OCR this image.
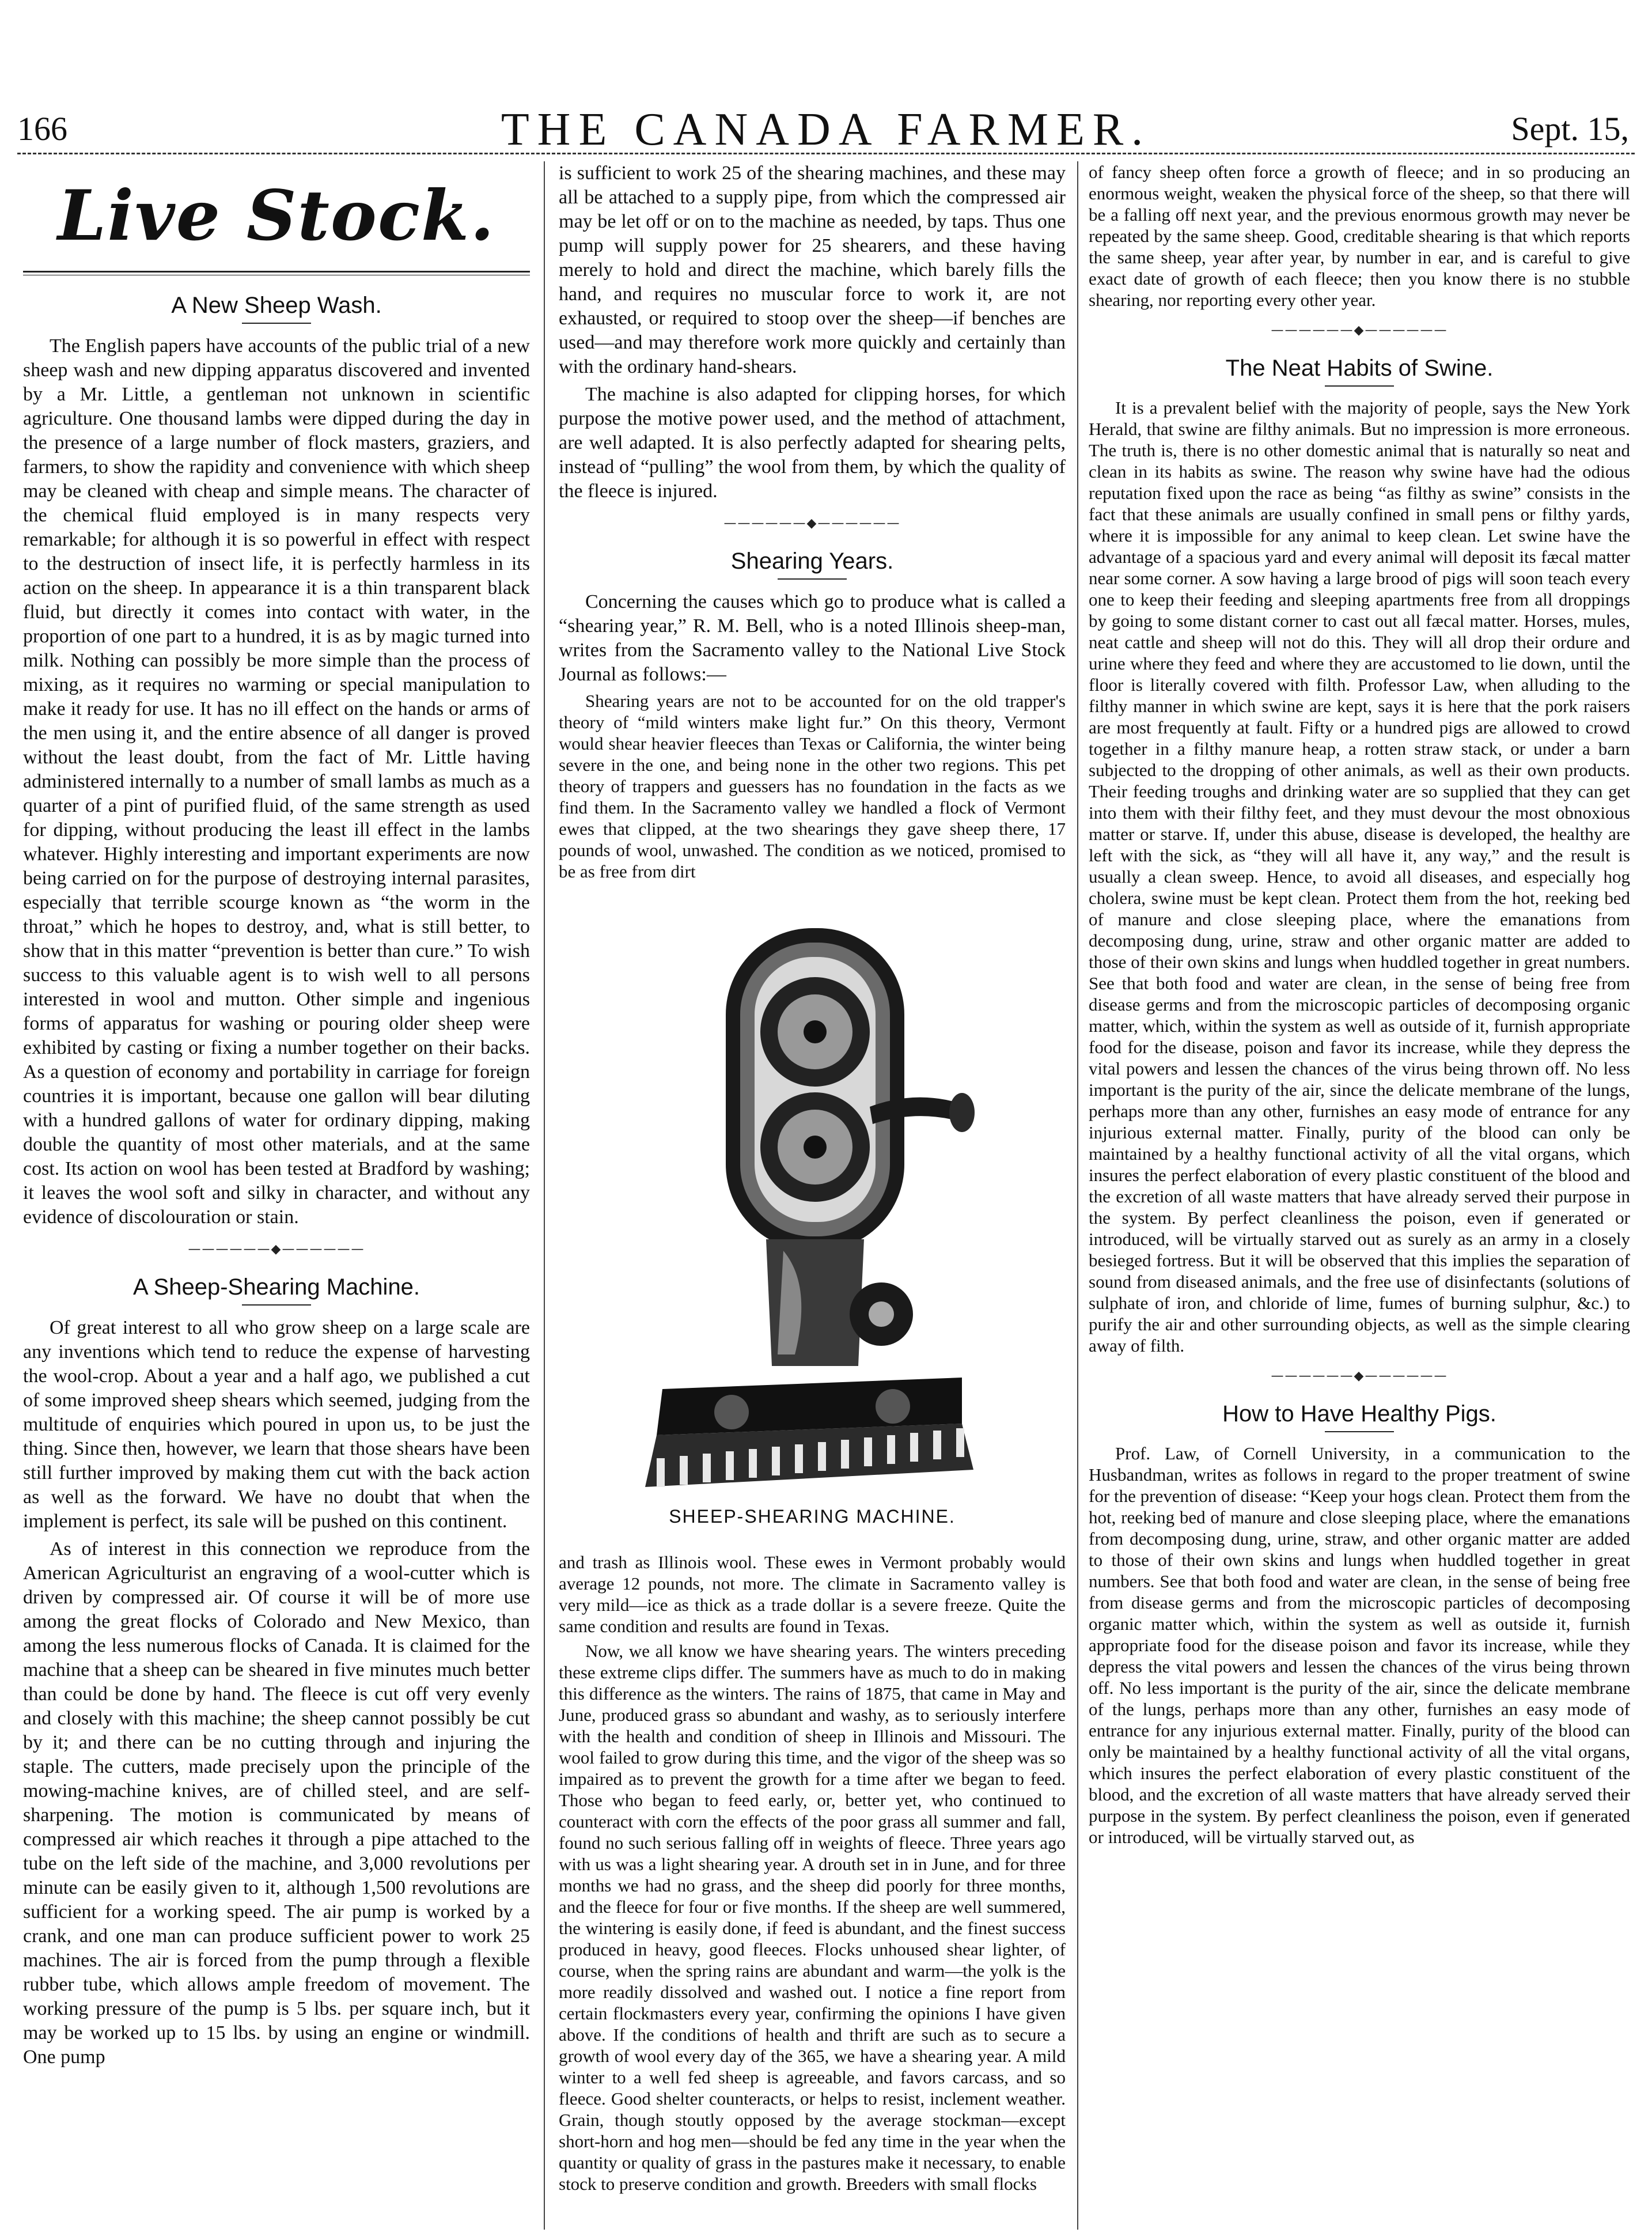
166	THE CANADA FARMER.	Sept. 15,
Live Stock.
A New Sheep Wash.

The English papers have accounts of the public trial of a new sheep wash and new dipping apparatus discovered and invented by a Mr. Little, a gentleman not unknown in scientific agriculture. One thousand lambs were dipped during the day in the presence of a large number of flock masters, graziers, and farmers, to show the rapidity and convenience with which sheep may be cleaned with cheap and simple means. The character of the chemical fluid employed is in many respects very remarkable; for although it is so powerful in effect with respect to the destruction of insect life, it is perfectly harmless in its action on the sheep. In appearance it is a thin transparent black fluid, but directly it comes into contact with water, in the proportion of one part to a hundred, it is as by magic turned into milk. Nothing can possibly be more simple than the process of mixing, as it requires no warming or special manipulation to make it ready for use. It has no ill effect on the hands or arms of the men using it, and the entire absence of all danger is proved without the least doubt, from the fact of Mr. Little having administered internally to a number of small lambs as much as a quarter of a pint of purified fluid, of the same strength as used for dipping, without producing the least ill effect in the lambs whatever. Highly interesting and important experiments are now being carried on for the purpose of destroying internal parasites, especially that terrible scourge known as “the worm in the throat,” which he hopes to destroy, and, what is still better, to show that in this matter “prevention is better than cure.” To wish success to this valuable agent is to wish well to all persons interested in wool and mutton. Other simple and ingenious forms of apparatus for washing or pouring older sheep were exhibited by casting or fixing a number together on their backs. As a question of economy and portability in carriage for foreign countries it is important, because one gallon will bear diluting with a hundred gallons of water for ordinary dipping, making double the quantity of most other materials, and at the same cost. Its action on wool has been tested at Bradford by washing; it leaves the wool soft and silky in character, and without any evidence of discolouration or stain.

——————◆——————
A Sheep-Shearing Machine.

Of great interest to all who grow sheep on a large scale are any inventions which tend to reduce the expense of harvesting the wool-crop. About a year and a half ago, we published a cut of some improved sheep shears which seemed, judging from the multitude of enquiries which poured in upon us, to be just the thing. Since then, however, we learn that those shears have been still further improved by making them cut with the back action as well as the forward. We have no doubt that when the implement is perfect, its sale will be pushed on this continent.

As of interest in this connection we reproduce from the American Agriculturist an engraving of a wool-cutter which is driven by compressed air. Of course it will be of more use among the great flocks of Colorado and New Mexico, than among the less numerous flocks of Canada. It is claimed for the machine that a sheep can be sheared in five minutes much better than could be done by hand. The fleece is cut off very evenly and closely with this machine; the sheep cannot possibly be cut by it; and there can be no cutting through and injuring the staple. The cutters, made precisely upon the principle of the mowing-machine knives, are of chilled steel, and are self-sharpening. The motion is communicated by means of compressed air which reaches it through a pipe attached to the tube on the left side of the machine, and 3,000 revolutions per minute can be easily given to it, although 1,500 revolutions are sufficient for a working speed. The air pump is worked by a crank, and one man can produce sufficient power to work 25 machines. The air is forced from the pump through a flexible rubber tube, which allows ample freedom of movement. The working pressure of the pump is 5 lbs. per square inch, but it may be worked up to 15 lbs. by using an engine or windmill. One pump

is sufficient to work 25 of the shearing machines, and these may all be attached to a supply pipe, from which the compressed air may be let off or on to the machine as needed, by taps. Thus one pump will supply power for 25 shearers, and these having merely to hold and direct the machine, which barely fills the hand, and requires no muscular force to work it, are not exhausted, or required to stoop over the sheep—if benches are used—and may therefore work more quickly and certainly than with the ordinary hand-shears.

The machine is also adapted for clipping horses, for which purpose the motive power used, and the method of attachment, are well adapted. It is also perfectly adapted for shearing pelts, instead of “pulling” the wool from them, by which the quality of the fleece is injured.

——————◆——————
Shearing Years.

Concerning the causes which go to produce what is called a “shearing year,” R. M. Bell, who is a noted Illinois sheep-man, writes from the Sacramento valley to the National Live Stock Journal as follows:—

Shearing years are not to be accounted for on the old trapper's theory of “mild winters make light fur.” On this theory, Vermont would shear heavier fleeces than Texas or California, the winter being severe in the one, and being none in the other two regions. This pet theory of trappers and guessers has no foundation in the facts as we find them. In the Sacramento valley we handled a flock of Vermont ewes that clipped, at the two shearings they gave sheep there, 17 pounds of wool, unwashed. The condition as we noticed, promised to be as free from dirt

SHEEP-SHEARING MACHINE.

and trash as Illinois wool. These ewes in Vermont probably would average 12 pounds, not more. The climate in Sacramento valley is very mild—ice as thick as a trade dollar is a severe freeze. Quite the same condition and results are found in Texas.

Now, we all know we have shearing years. The winters preceding these extreme clips differ. The summers have as much to do in making this difference as the winters. The rains of 1875, that came in May and June, produced grass so abundant and washy, as to seriously interfere with the health and condition of sheep in Illinois and Missouri. The wool failed to grow during this time, and the vigor of the sheep was so impaired as to prevent the growth for a time after we began to feed. Those who began to feed early, or, better yet, who continued to counteract with corn the effects of the poor grass all summer and fall, found no such serious falling off in weights of fleece. Three years ago with us was a light shearing year. A drouth set in in June, and for three months we had no grass, and the sheep did poorly for three months, and the fleece for four or five months. If the sheep are well summered, the wintering is easily done, if feed is abundant, and the finest success produced in heavy, good fleeces. Flocks unhoused shear lighter, of course, when the spring rains are abundant and warm—the yolk is the more readily dissolved and washed out. I notice a fine report from certain flockmasters every year, confirming the opinions I have given above. If the conditions of health and thrift are such as to secure a growth of wool every day of the 365, we have a shearing year. A mild winter to a well fed sheep is agreeable, and favors carcass, and so fleece. Good shelter counteracts, or helps to resist, inclement weather. Grain, though stoutly opposed by the average stockman—except short-horn and hog men—should be fed any time in the year when the quantity or quality of grass in the pastures make it necessary, to enable stock to preserve condition and growth. Breeders with small flocks

of fancy sheep often force a growth of fleece; and in so producing an enormous weight, weaken the physical force of the sheep, so that there will be a falling off next year, and the previous enormous growth may never be repeated by the same sheep. Good, creditable shearing is that which reports the same sheep, year after year, by number in ear, and is careful to give exact date of growth of each fleece; then you know there is no stubble shearing, nor reporting every other year.

——————◆——————
The Neat Habits of Swine.

It is a prevalent belief with the majority of people, says the New York Herald, that swine are filthy animals. But no impression is more erroneous. The truth is, there is no other domestic animal that is naturally so neat and clean in its habits as swine. The reason why swine have had the odious reputation fixed upon the race as being “as filthy as swine” consists in the fact that these animals are usually confined in small pens or filthy yards, where it is impossible for any animal to keep clean. Let swine have the advantage of a spacious yard and every animal will deposit its fæcal matter near some corner. A sow having a large brood of pigs will soon teach every one to keep their feeding and sleeping apartments free from all droppings by going to some distant corner to cast out all fæcal matter. Horses, mules, neat cattle and sheep will not do this. They will all drop their ordure and urine where they feed and where they are accustomed to lie down, until the floor is literally covered with filth. Professor Law, when alluding to the filthy manner in which swine are kept, says it is here that the pork raisers are most frequently at fault. Fifty or a hundred pigs are allowed to crowd together in a filthy manure heap, a rotten straw stack, or under a barn subjected to the dropping of other animals, as well as their own products. Their feeding troughs and drinking water are so supplied that they can get into them with their filthy feet, and they must devour the most obnoxious matter or starve. If, under this abuse, disease is developed, the healthy are left with the sick, as “they will all have it, any way,” and the result is usually a clean sweep. Hence, to avoid all diseases, and especially hog cholera, swine must be kept clean. Protect them from the hot, reeking bed of manure and close sleeping place, where the emanations from decomposing dung, urine, straw and other organic matter are added to those of their own skins and lungs when huddled together in great numbers. See that both food and water are clean, in the sense of being free from disease germs and from the microscopic particles of decomposing organic matter, which, within the system as well as outside of it, furnish appropriate food for the disease, poison and favor its increase, while they depress the vital powers and lessen the chances of the virus being thrown off. No less important is the purity of the air, since the delicate membrane of the lungs, perhaps more than any other, furnishes an easy mode of entrance for any injurious external matter. Finally, purity of the blood can only be maintained by a healthy functional activity of all the vital organs, which insures the perfect elaboration of every plastic constituent of the blood and the excretion of all waste matters that have already served their purpose in the system. By perfect cleanliness the poison, even if generated or introduced, will be virtually starved out as surely as an army in a closely besieged fortress. But it will be observed that this implies the separation of sound from diseased animals, and the free use of disinfectants (solutions of sulphate of iron, and chloride of lime, fumes of burning sulphur, &c.) to purify the air and other surrounding objects, as well as the simple clearing away of filth.

——————◆——————
How to Have Healthy Pigs.

Prof. Law, of Cornell University, in a communication to the Husbandman, writes as follows in regard to the proper treatment of swine for the prevention of disease: “Keep your hogs clean. Protect them from the hot, reeking bed of manure and close sleeping place, where the emanations from decomposing dung, urine, straw, and other organic matter are added to those of their own skins and lungs when huddled together in great numbers. See that both food and water are clean, in the sense of being free from disease germs and from the microscopic particles of decomposing organic matter which, within the system as well as outside it, furnish appropriate food for the disease poison and favor its increase, while they depress the vital powers and lessen the chances of the virus being thrown off. No less important is the purity of the air, since the delicate membrane of the lungs, perhaps more than any other, furnishes an easy mode of entrance for any injurious external matter. Finally, purity of the blood can only be maintained by a healthy functional activity of all the vital organs, which insures the perfect elaboration of every plastic constituent of the blood, and the excretion of all waste matters that have already served their purpose in the system. By perfect cleanliness the poison, even if generated or introduced, will be virtually starved out, as
